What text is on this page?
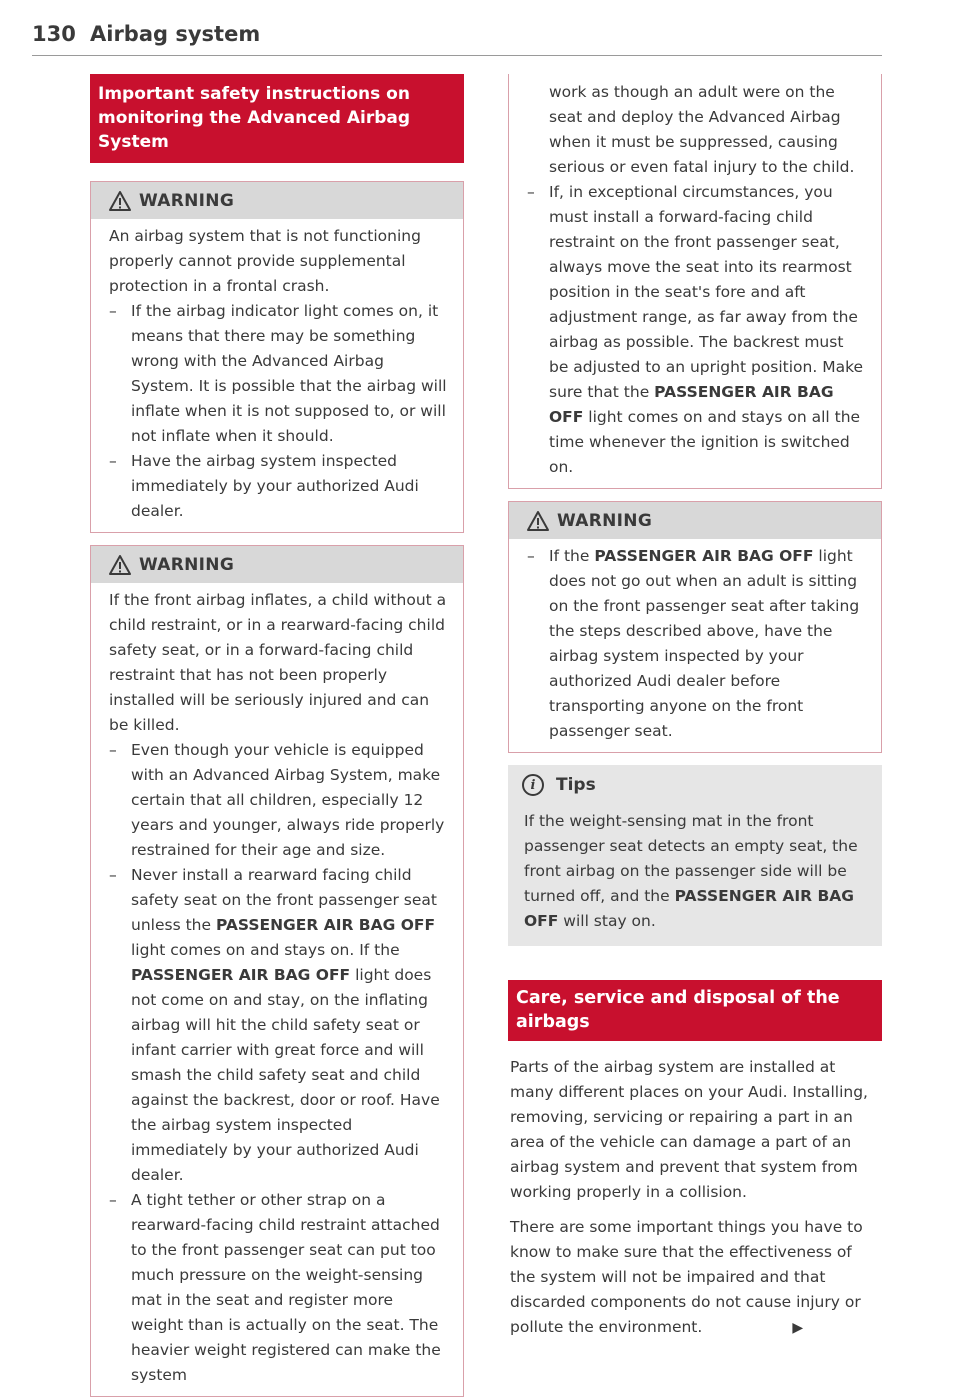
130 Airbag system
Important safety instructions on
monitoring the Advanced Airbag System
WARNING
An airbag system that is not functioning properly cannot provide supplemental protection in a frontal crash.
– If the airbag indicator light comes on, it means that there may be something wrong with the Advanced Airbag System. It is possible that the airbag will inflate when it is not supposed to, or will not inflate when it should.
– Have the airbag system inspected immediately by your authorized Audi dealer.
WARNING
If the front airbag inflates, a child without a child restraint, or in a rearward-facing child safety seat, or in a forward-facing child restraint that has not been properly installed will be seriously injured and can be killed.
– Even though your vehicle is equipped with an Advanced Airbag System, make certain that all children, especially 12 years and younger, always ride properly restrained for their age and size.
– Never install a rearward facing child safety seat on the front passenger seat unless the PASSENGER AIR BAG OFF light comes on and stays on. If the PASSENGER AIR BAG OFF light does not come on and stay, on the inflating airbag will hit the child safety seat or infant carrier with great force and will smash the child safety seat and child against the backrest, door or roof. Have the airbag system inspected immediately by your authorized Audi dealer.
– A tight tether or other strap on a rearward-facing child restraint attached to the front passenger seat can put too much pressure on the weight-sensing mat in the seat and register more weight than is actually on the seat. The heavier weight registered can make the system
work as though an adult were on the seat and deploy the Advanced Airbag when it must be suppressed, causing serious or even fatal injury to the child.
– If, in exceptional circumstances, you must install a forward-facing child restraint on the front passenger seat, always move the seat into its rearmost position in the seat's fore and aft adjustment range, as far away from the airbag as possible. The backrest must be adjusted to an upright position. Make sure that the PASSENGER AIR BAG OFF light comes on and stays on all the time whenever the ignition is switched on.
WARNING
– If the PASSENGER AIR BAG OFF light does not go out when an adult is sitting on the front passenger seat after taking the steps described above, have the airbag system inspected by your authorized Audi dealer before transporting anyone on the front passenger seat.
i	Tips
If the weight-sensing mat in the front passenger seat detects an empty seat, the front airbag on the passenger side will be turned off, and the PASSENGER AIR BAG OFF will stay on.
Care, service and disposal of the airbags
Parts of the airbag system are installed at many different places on your Audi. Installing, removing, servicing or repairing a part in an area of the vehicle can damage a part of an airbag system and prevent that system from working properly in a collision.
There are some important things you have to know to make sure that the effectiveness of the system will not be impaired and that discarded components do not cause injury or pollute the environment.	▶
